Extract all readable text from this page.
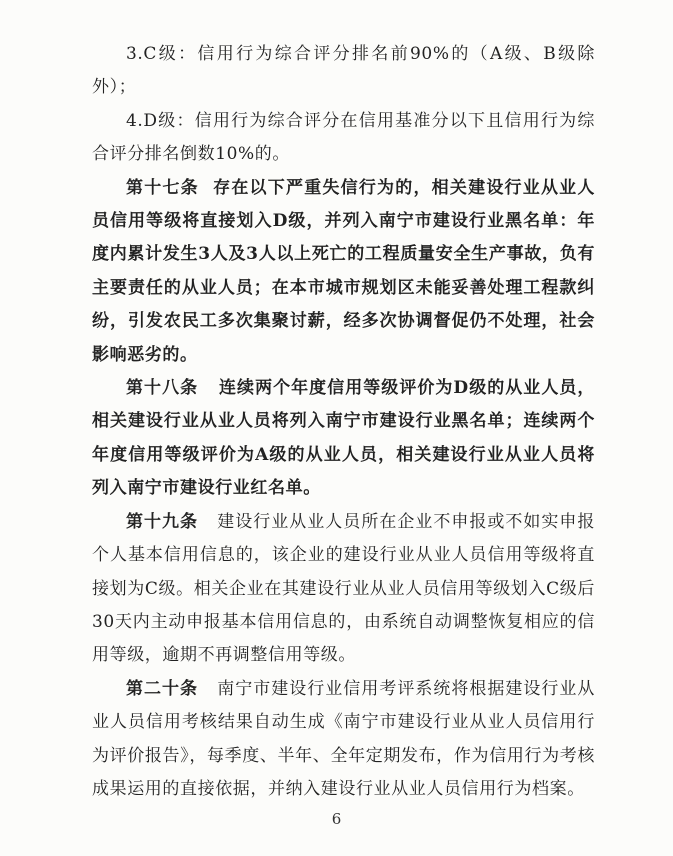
3.C级：信用行为综合评分排名前90%的（A级、B级除外）；

4.D级：信用行为综合评分在信用基准分以下且信用行为综合评分排名倒数10%的。

第十七条 存在以下严重失信行为的，相关建设行业从业人员信用等级将直接划入D级，并列入南宁市建设行业黑名单：年度内累计发生3人及3人以上死亡的工程质量安全生产事故，负有主要责任的从业人员；在本市城市规划区未能妥善处理工程款纠纷，引发农民工多次集聚讨薪，经多次协调督促仍不处理，社会影响恶劣的。

第十八条 连续两个年度信用等级评价为D级的从业人员，相关建设行业从业人员将列入南宁市建设行业黑名单；连续两个年度信用等级评价为A级的从业人员，相关建设行业从业人员将列入南宁市建设行业红名单。

第十九条 建设行业从业人员所在企业不申报或不如实申报个人基本信用信息的，该企业的建设行业从业人员信用等级将直接划为C级。相关企业在其建设行业从业人员信用等级划入C级后30天内主动申报基本信用信息的，由系统自动调整恢复相应的信用等级，逾期不再调整信用等级。

第二十条 南宁市建设行业信用考评系统将根据建设行业从业人员信用考核结果自动生成《南宁市建设行业从业人员信用行为评价报告》，每季度、半年、全年定期发布，作为信用行为考核成果运用的直接依据，并纳入建设行业从业人员信用行为档案。

6
